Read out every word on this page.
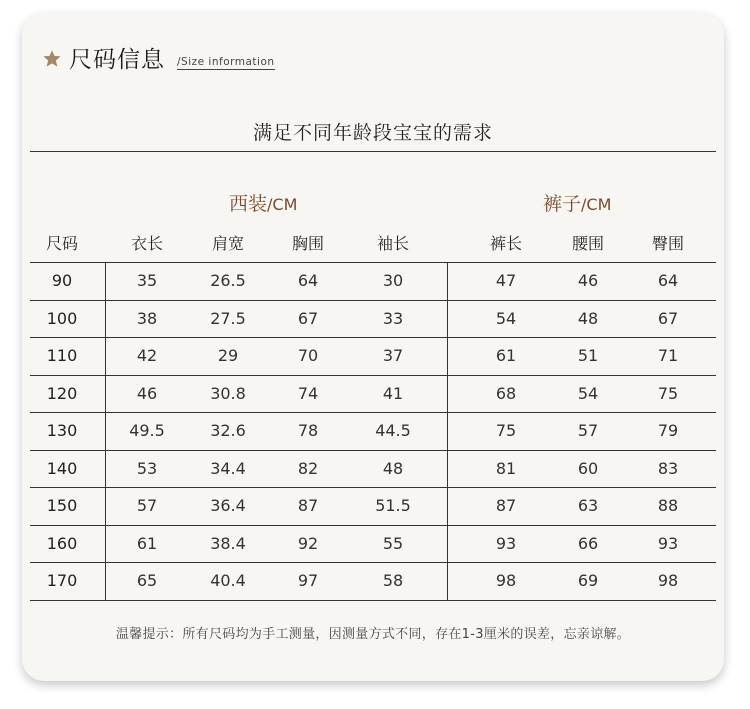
尺码信息 /Size information
满足不同年龄段宝宝的需求
西装/CM	裤子/CM
尺码	衣长	肩宽	胸围	袖长	裤长	腰围	臀围
90	35	26.5	64	30	47	46	64
100	38	27.5	67	33	54	48	67
110	42	29	70	37	61	51	71
120	46	30.8	74	41	68	54	75
130	49.5	32.6	78	44.5	75	57	79
140	53	34.4	82	48	81	60	83
150	57	36.4	87	51.5	87	63	88
160	61	38.4	92	55	93	66	93
170	65	40.4	97	58	98	69	98
温馨提示：所有尺码均为手工测量，因测量方式不同，存在1-3厘米的误差，忘亲谅解。
